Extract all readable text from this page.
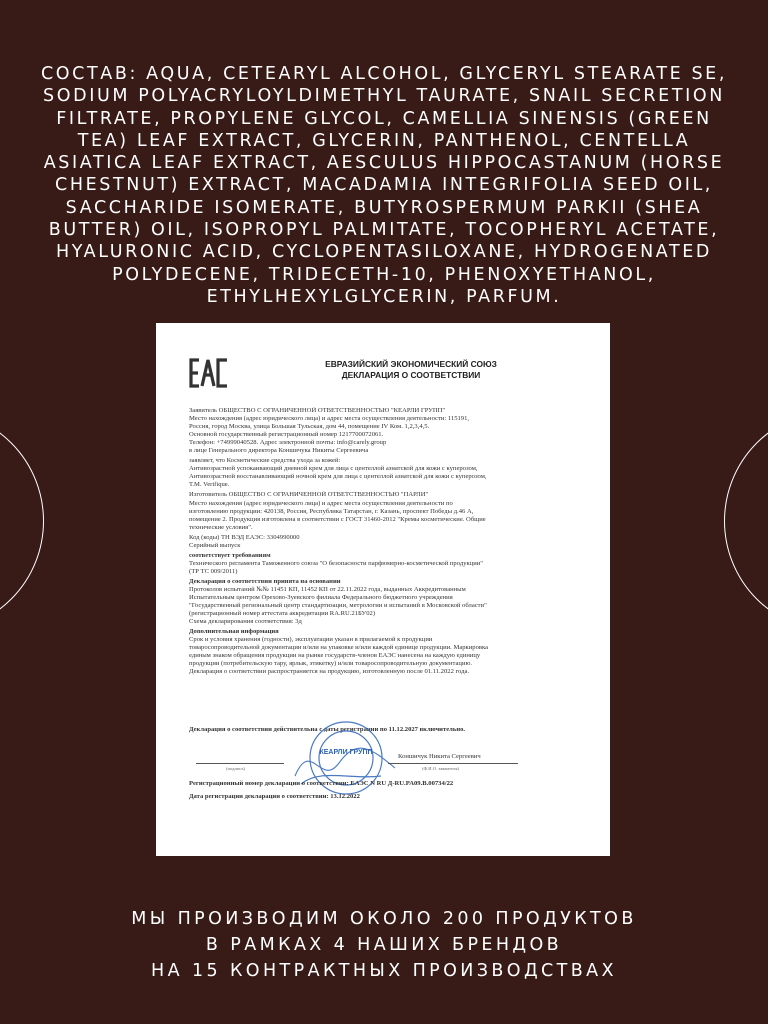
СОСТАВ: AQUA, CETEARYL ALCOHOL, GLYCERYL STEARATE SE,
SODIUM POLYACRYLOYLDIMETHYL TAURATE, SNAIL SECRETION
FILTRATE, PROPYLENE GLYCOL, CAMELLIA SINENSIS (GREEN
TEA) LEAF EXTRACT, GLYCERIN, PANTHENOL, CENTELLA
ASIATICA LEAF EXTRACT, AESCULUS HIPPOCASTANUM (HORSE
CHESTNUT) EXTRACT, MACADAMIA INTEGRIFOLIA SEED OIL,
SACCHARIDE ISOMERATE, BUTYROSPERMUM PARKII (SHEA
BUTTER) OIL, ISOPROPYL PALMITATE, TOCOPHERYL ACETATE,
HYALURONIC ACID, CYCLOPENTASILOXANE, HYDROGENATED
POLYDECENE, TRIDECETH-10, PHENOXYETHANOL,
ETHYLHEXYLGLYCERIN, PARFUM.

ЕВРАЗИЙСКИЙ ЭКОНОМИЧЕСКИЙ СОЮЗ
ДЕКЛАРАЦИЯ О СООТВЕТСТВИИ
Заявитель ОБЩЕСТВО С ОГРАНИЧЕННОЙ ОТВЕТСТВЕННОСТЬЮ "КЕАРЛИ ГРУПП"
Место нахождения (адрес юридического лица) и адрес места осуществления деятельности: 115191,
Россия, город Москва, улица Большая Тульская, дом 44, помещение IV Ком. 1,2,3,4,5.
Основной государственный регистрационный номер 1217700072061.
Телефон: +74999040528. Адрес электронной почты: info@carely.group
в лице Генерального директора Коншичука Никиты Сергеевича
заявляет, что Косметические средства ухода за кожей:
Антивозрастной успокаивающий дневной крем для лица с центеллой азиатской для кожи с куперозом,
Антивозрастной восстанавливающий ночной крем для лица с центеллой азиатской для кожи с куперозом,
Т.М. Verifique.
Изготовитель ОБЩЕСТВО С ОГРАНИЧЕННОЙ ОТВЕТСТВЕННОСТЬЮ "ПАРЛИ"
Место нахождения (адрес юридического лица) и адрес места осуществления деятельности по
изготовлению продукции: 420138, Россия, Республика Татарстан, г. Казань, проспект Победы д.46 А,
помещение 2. Продукция изготовлена в соответствии с ГОСТ 31460-2012 "Кремы косметические. Общие
технические условия".
Код (коды) ТН ВЭД ЕАЭС: 3304990000
Серийный выпуск
соответствует требованиям
Технического регламента Таможенного союза "О безопасности парфюмерно-косметической продукции"
(ТР ТС 009/2011)
Декларация о соответствии принята на основании
Протоколов испытаний №№ 11451 КП, 11452 КП от 22.11.2022 года, выданных Аккредитованным
Испытательным центром Орехово-Зуевского филиала Федерального бюджетного учреждения
"Государственный региональный центр стандартизации, метрологии и испытаний в Московской области"
(регистрационный номер аттестата аккредитации RA.RU.21БУ02)
Схема декларирования соответствия: 3д
Дополнительная информация
Срок и условия хранения (годности), эксплуатации указан в прилагаемой к продукции
товаросопроводительной документации и/или на упаковке и/или каждой единице продукции. Маркировка
единым знаком обращения продукции на рынке государств-членов ЕАЭС нанесена на каждую единицу
продукции (потребительскую тару, ярлык, этикетку) и/или товаросопроводительную документацию.
Декларация о соответствии распространяется на продукцию, изготовленную после 01.11.2022 года.
Декларация о соответствии действительна с даты регистрации по 11.12.2027 включительно.
КЕАРЛИ ГРУПП
(подпись)
Коншичук Никита Сергеевич
(Ф.И.О. заявителя)
Регистрационный номер декларации о соответствии: ЕАЭС N RU Д-RU.PA09.B.00734/22
Дата регистрации декларации о соответствии: 13.12.2022
МЫ ПРОИЗВОДИМ ОКОЛО 200 ПРОДУКТОВ
В РАМКАХ 4 НАШИХ БРЕНДОВ
НА 15 КОНТРАКТНЫХ ПРОИЗВОДСТВАХ
